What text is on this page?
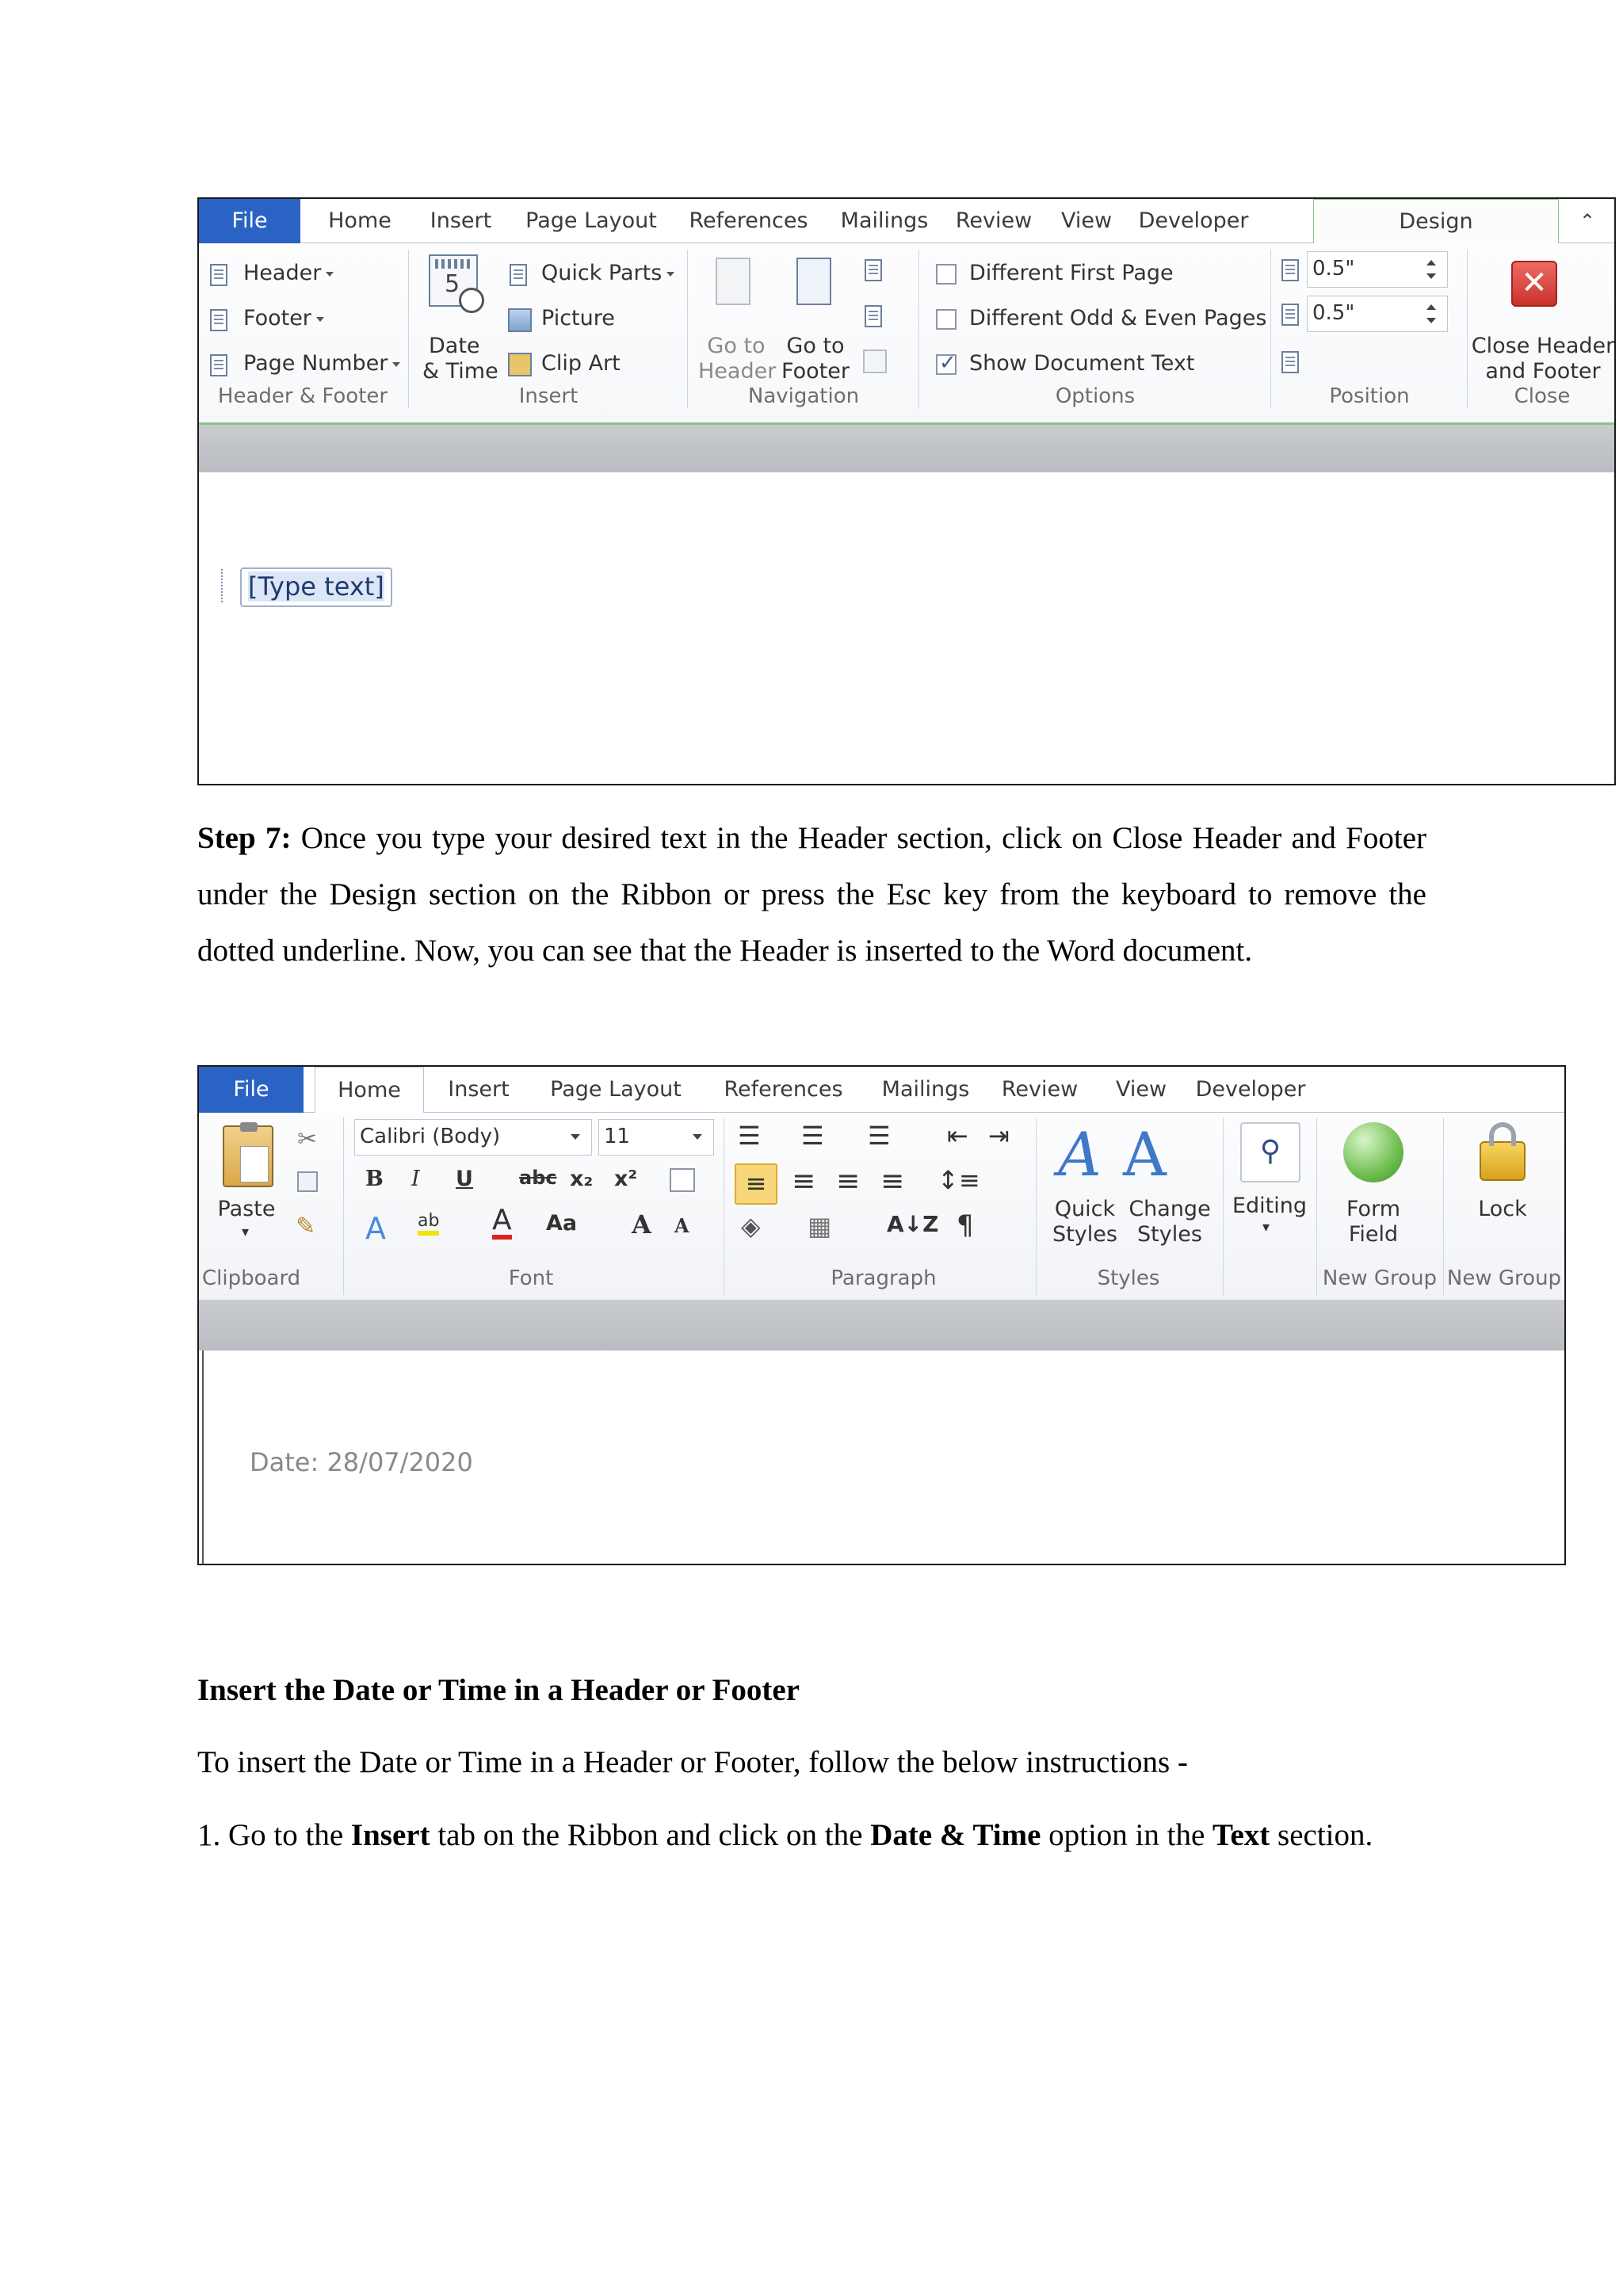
File	Home	Insert	Page Layout	References	Mailings	Review	View	Developer	Design	⌃
Header
Footer
Page Number
Header & Footer
5
Date
& Time
Quick Parts
Picture
Clip Art
Insert
Go to
Header
Go to
Footer
Navigation
Different First Page
Different Odd & Even Pages
✓
Show Document Text
Options
0.5"
0.5"
Position
✕
Close Header
and Footer
Close
[Type text]
Step 7: Once you type your desired text in the Header section, click on Close Header and Footer under the Design section on the Ribbon or press the Esc key from the keyboard to remove the dotted underline. Now, you can see that the Header is inserted to the Word document.
File	Home	Insert	Page Layout	References	Mailings	Review	View	Developer
Paste
▾
✂
✎
Clipboard
Calibri (Body)	11
B I U abc x₂ x²
A ab A Aa A A
Font
☰ ☰ ☰ ⇤ ⇥
≡ ≡ ≡ ≡ ↕≡
◈ ▦ A↓Z ¶
Paragraph
A A
Quick
Styles
Change
Styles
Styles
⚲
Editing
▾
Form
Field
New Group
Lock
New Group
Date: 28/07/2020
Insert the Date or Time in a Header or Footer
To insert the Date or Time in a Header or Footer, follow the below instructions -
1. Go to the Insert tab on the Ribbon and click on the Date & Time option in the Text section.
